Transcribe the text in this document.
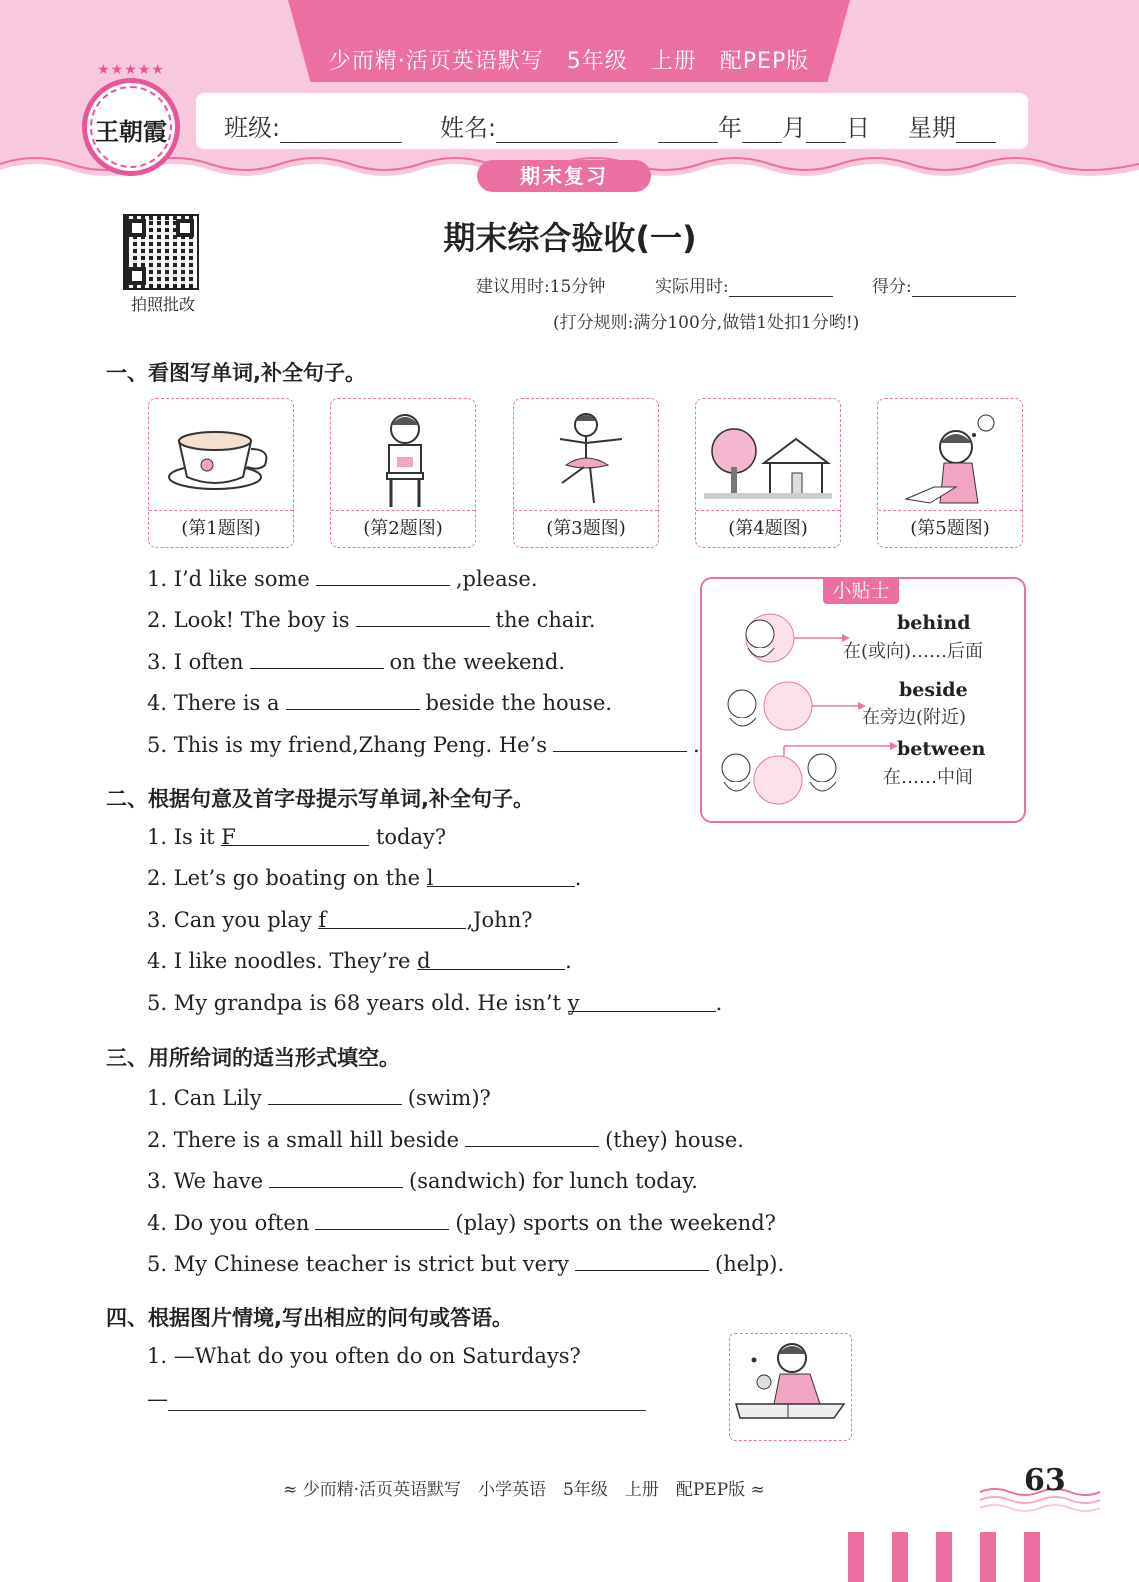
少而精·活页英语默写　5年级　上册　配PEP版
★★★★★
王朝霞	班级:	姓名:	年 月 日 星期
期末复习
拍照批改
期末综合验收(一)
建议用时:15分钟	实际用时:	得分:
(打分规则:满分100分,做错1处扣1分哟!)
一、看图写单词,补全句子。
(第1题图)	(第2题图)	(第3题图)	(第4题图)	(第5题图)
1. I’d like some	,please.
2. Look! The boy is	the chair.
3. I often	on the weekend.
4. There is a	beside the house.
5. This is my friend,Zhang Peng. He’s	.
小贴士
behind
在(或向)……后面
beside
在旁边(附近)
between
在……中间
二、根据句意及首字母提示写单词,补全句子。
1. Is it F	today?
2. Let’s go boating on the l	.
3. Can you play f	,John?
4. I like noodles. They’re d	.
5. My grandpa is 68 years old. He isn’t y	.
三、用所给词的适当形式填空。
1. Can Lily	(swim)?
2. There is a small hill beside	(they) house.
3. We have	(sandwich) for lunch today.
4. Do you often	(play) sports on the weekend?
5. My Chinese teacher is strict but very	(help).
四、根据图片情境,写出相应的问句或答语。
1. —What do you often do on Saturdays?
—
≈ 少而精·活页英语默写　小学英语　5年级　上册　配PEP版 ≈	63
